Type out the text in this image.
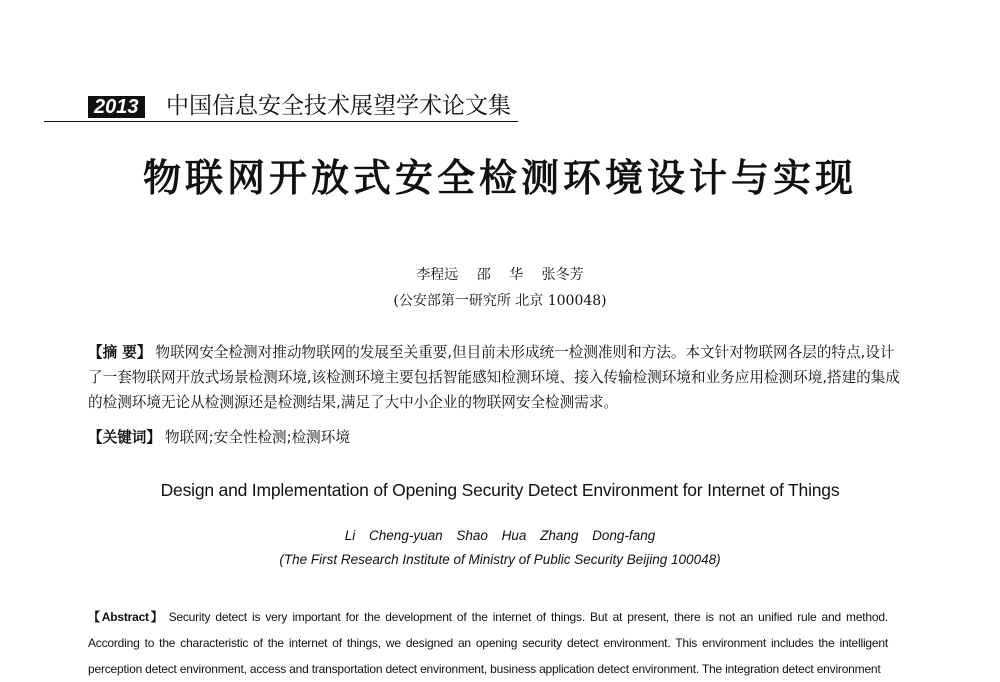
2013 中国信息安全技术展望学术论文集
物联网开放式安全检测环境设计与实现
李程远 邵 华 张冬芳
(公安部第一研究所 北京 100048)
【摘 要】 物联网安全检测对推动物联网的发展至关重要,但目前未形成统一检测准则和方法。本文针对物联网各层的特点,设计了一套物联网开放式场景检测环境,该检测环境主要包括智能感知检测环境、接入传输检测环境和业务应用检测环境,搭建的集成的检测环境无论从检测源还是检测结果,满足了大中小企业的物联网安全检测需求。
【关键词】 物联网;安全性检测;检测环境
Design and Implementation of Opening Security Detect Environment for Internet of Things
Li Cheng-yuan Shao Hua Zhang Dong-fang
(The First Research Institute of Ministry of Public Security Beijing 100048)
【Abstract】 Security detect is very important for the development of the internet of things. But at present, there is not an unified rule and method. According to the characteristic of the internet of things, we designed an opening security detect environment. This environment includes the intelligent perception detect environment, access and transportation detect environment, business application detect environment. The integration detect environment
